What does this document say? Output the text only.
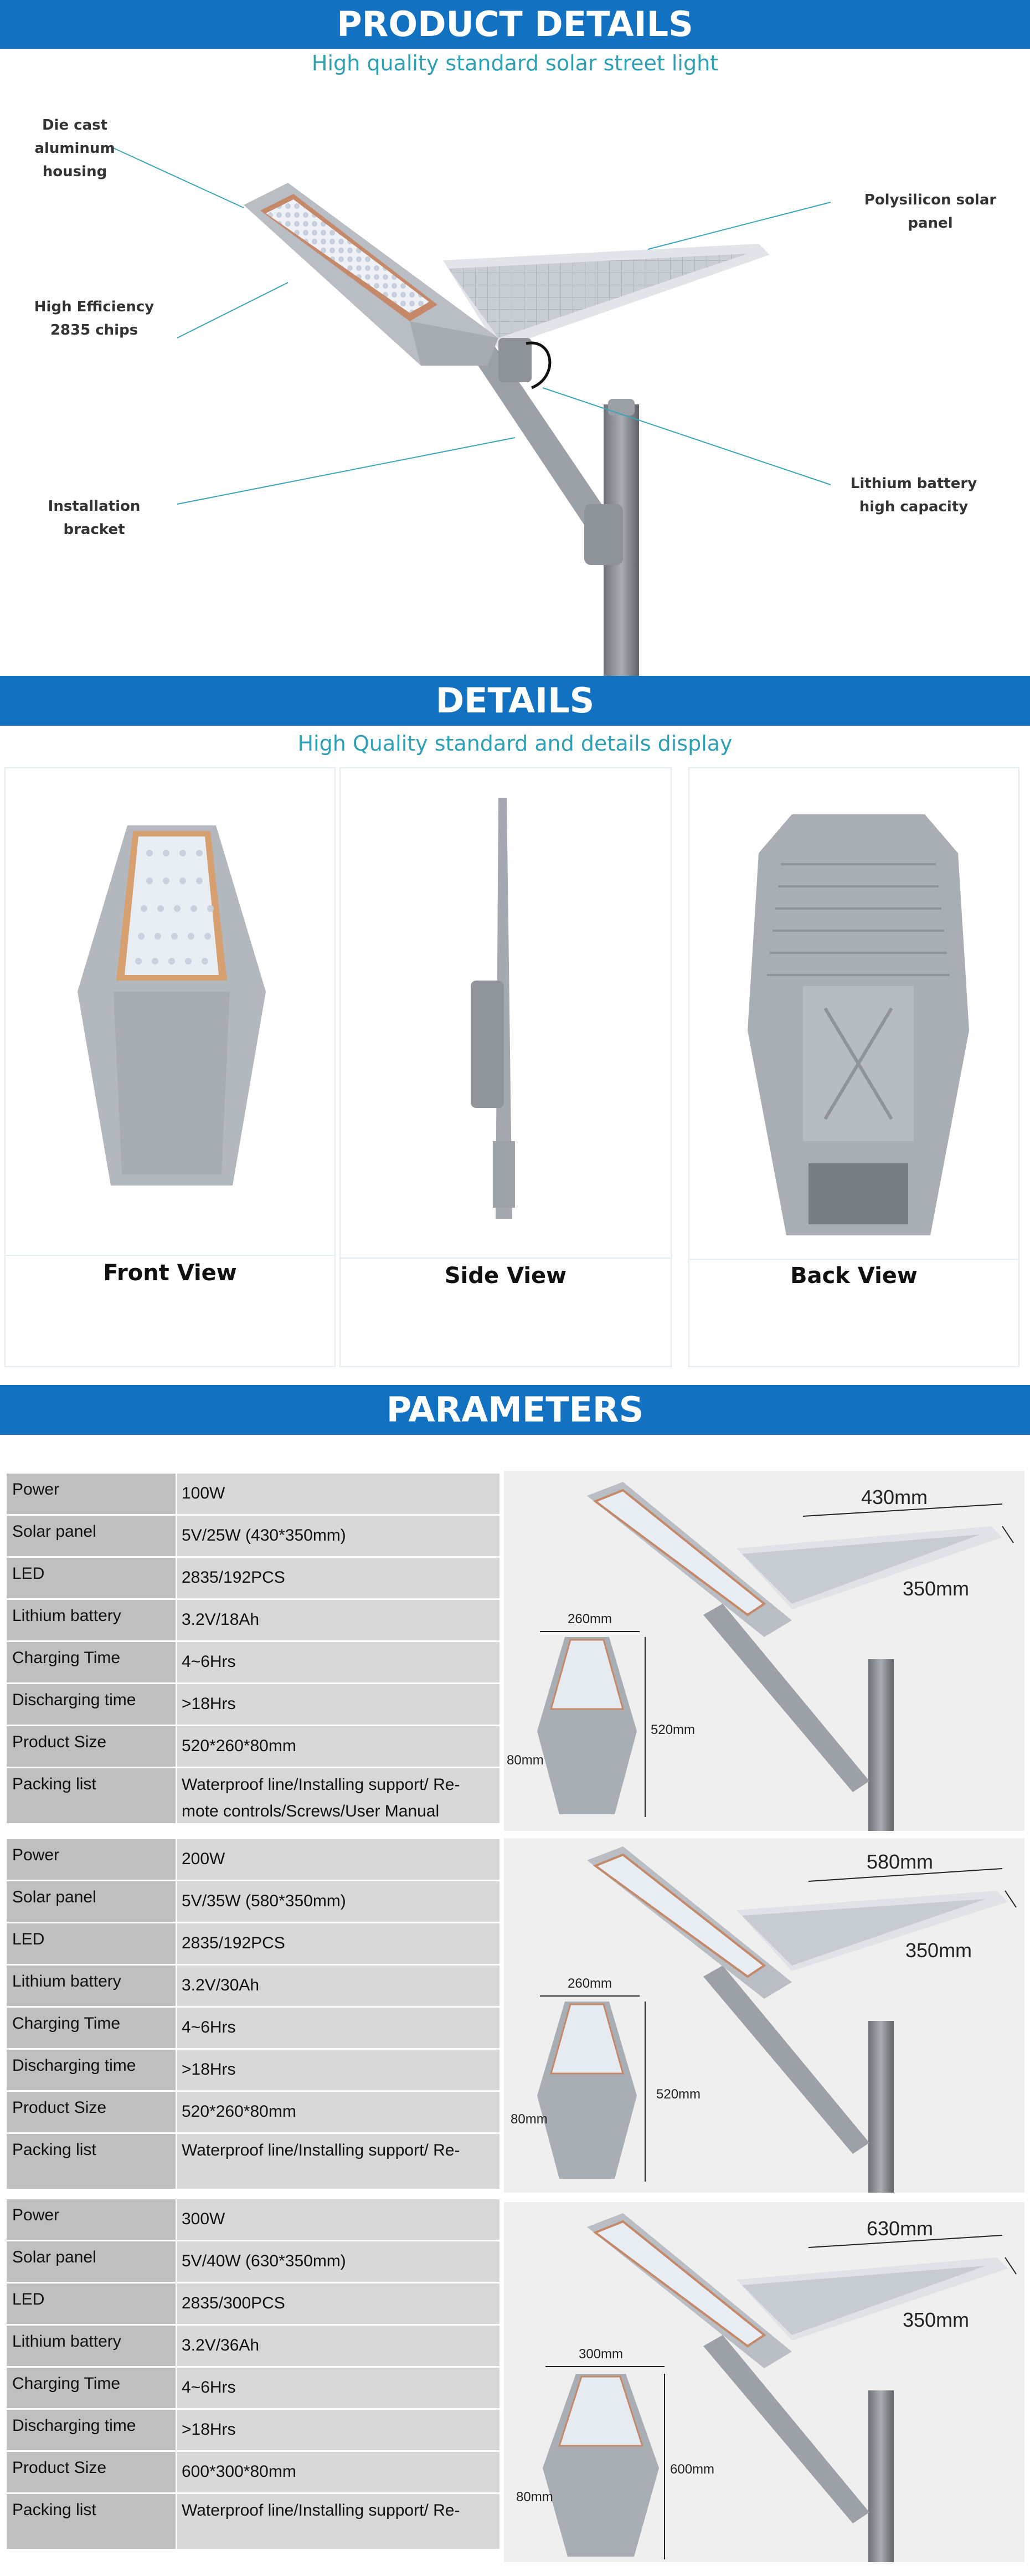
PRODUCT DETAILS
High quality standard solar street light
Die cast aluminum housing
High Efficiency 2835 chips
Installation bracket
Polysilicon solar panel
Lithium battery high capacity
DETAILS
High Quality standard and details display
Front View	Side View	Back View
PARAMETERS
Power	100W
Solar panel	5V/25W (430*350mm)
LED	2835/192PCS
Lithium battery	3.2V/18Ah
Charging Time	4~6Hrs
Discharging time	>18Hrs
Product Size	520*260*80mm
Packing list	Waterproof line/Installing support/ Re-mote controls/Screws/User Manual
Power	200W
Solar panel	5V/35W (580*350mm)
LED	2835/192PCS
Lithium battery	3.2V/30Ah
Charging Time	4~6Hrs
Discharging time	>18Hrs
Product Size	520*260*80mm
Packing list	Waterproof line/Installing support/ Re-
Power	300W
Solar panel	5V/40W (630*350mm)
LED	2835/300PCS
Lithium battery	3.2V/36Ah
Charging Time	4~6Hrs
Discharging time	>18Hrs
Product Size	600*300*80mm
Packing list	Waterproof line/Installing support/ Re-
430mm
350mm
260mm
520mm
80mm
580mm
350mm
260mm
520mm
80mm
630mm
350mm
300mm
600mm
80mm
